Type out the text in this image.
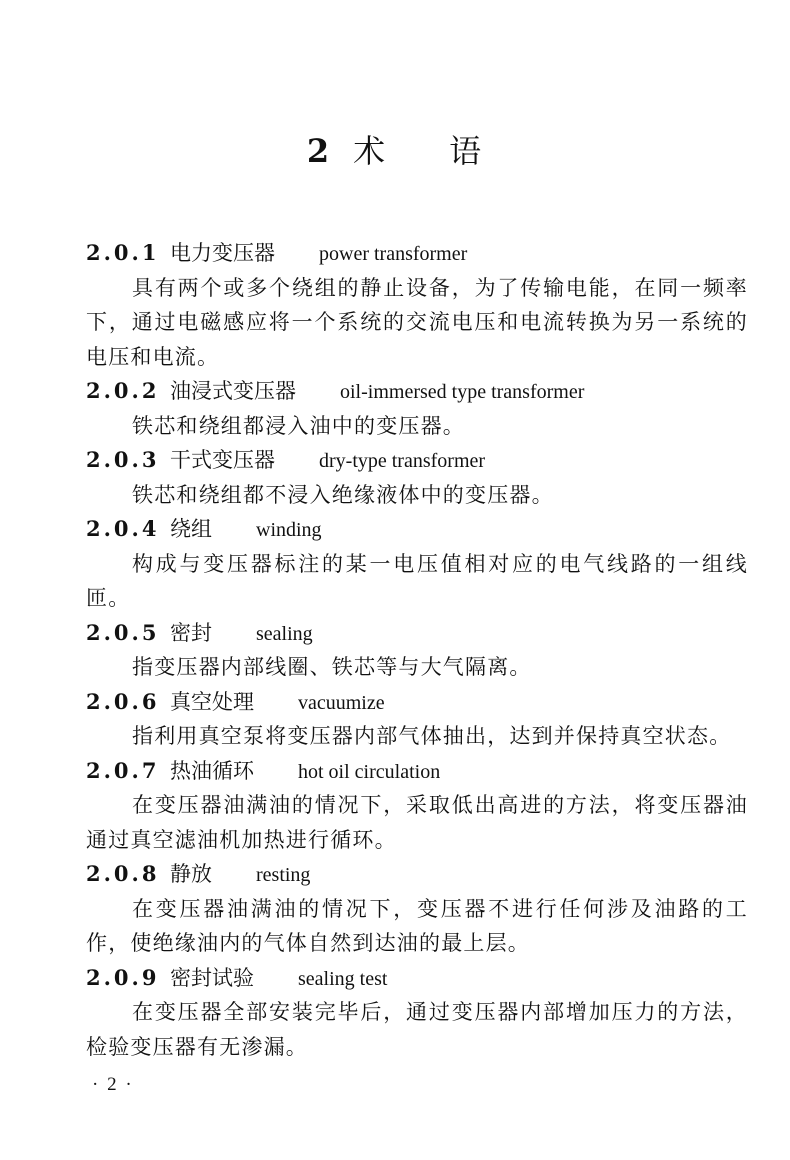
2 术 语
2.0.1 电力变压器 power transformer
具有两个或多个绕组的静止设备，为了传输电能，在同一频率下，通过电磁感应将一个系统的交流电压和电流转换为另一系统的电压和电流。
2.0.2 油浸式变压器 oil-immersed type transformer
铁芯和绕组都浸入油中的变压器。
2.0.3 干式变压器 dry-type transformer
铁芯和绕组都不浸入绝缘液体中的变压器。
2.0.4 绕组 winding
构成与变压器标注的某一电压值相对应的电气线路的一组线匝。
2.0.5 密封 sealing
指变压器内部线圈、铁芯等与大气隔离。
2.0.6 真空处理 vacuumize
指利用真空泵将变压器内部气体抽出，达到并保持真空状态。
2.0.7 热油循环 hot oil circulation
在变压器油满油的情况下，采取低出高进的方法，将变压器油通过真空滤油机加热进行循环。
2.0.8 静放 resting
在变压器油满油的情况下，变压器不进行任何涉及油路的工作，使绝缘油内的气体自然到达油的最上层。
2.0.9 密封试验 sealing test
在变压器全部安装完毕后，通过变压器内部增加压力的方法，检验变压器有无渗漏。
· 2 ·
